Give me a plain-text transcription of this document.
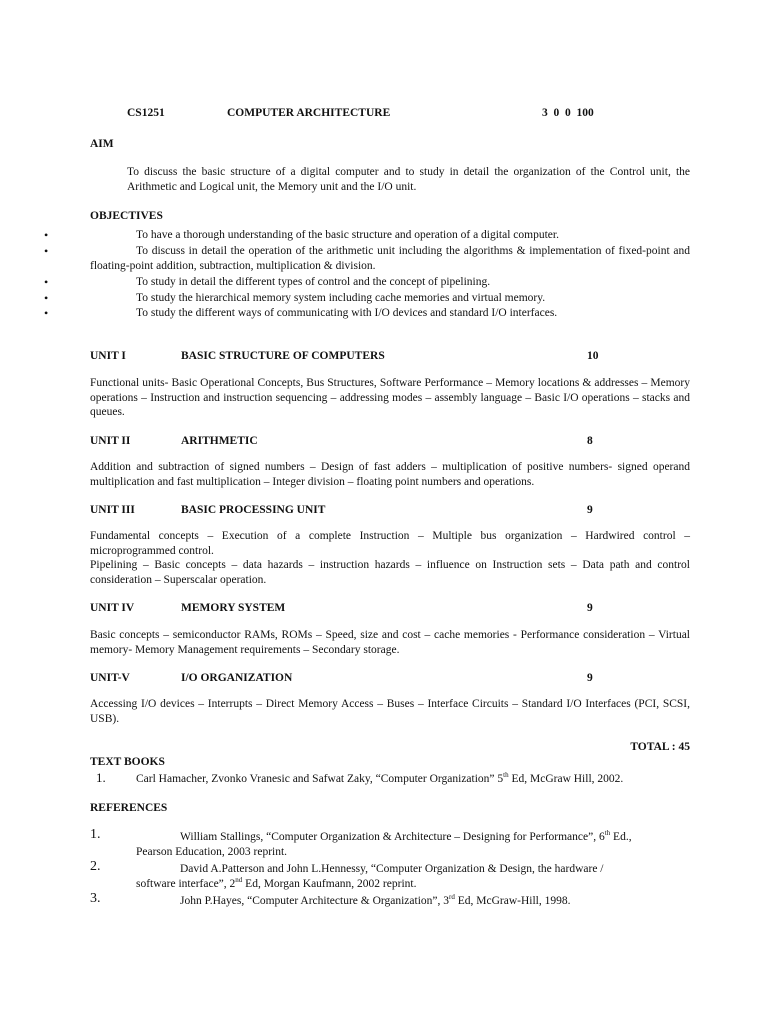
CS1251	COMPUTER ARCHITECTURE	3  0  0  100
AIM

To discuss the basic structure of a digital computer and to study in detail the organization of the Control unit, the Arithmetic and Logical unit, the Memory unit and the I/O unit.

OBJECTIVES
•	To have a thorough understanding of the basic structure and operation of a digital computer.

•	To discuss in detail the operation of the arithmetic unit including the algorithms & implementation of fixed-point and floating-point addition, subtraction, multiplication & division.

•	To study in detail the different types of control and the concept of pipelining.

•	To study the hierarchical memory system including cache memories and virtual memory.

•	To study the different ways of communicating with I/O devices and standard I/O interfaces.

UNIT I	BASIC STRUCTURE OF COMPUTERS	10

Functional units- Basic Operational Concepts, Bus Structures, Software Performance – Memory locations & addresses – Memory operations – Instruction and instruction sequencing – addressing modes – assembly language – Basic I/O operations – stacks and queues.

UNIT II	ARITHMETIC	8

Addition and subtraction of signed numbers – Design of fast adders – multiplication of positive numbers- signed operand multiplication and fast multiplication – Integer division – floating point numbers and operations.

UNIT III	BASIC PROCESSING UNIT	9

Fundamental concepts – Execution of a complete Instruction – Multiple bus organization – Hardwired control – microprogrammed control.

Pipelining – Basic concepts – data hazards – instruction hazards – influence on Instruction sets – Data path and control consideration – Superscalar operation.

UNIT IV	MEMORY SYSTEM	9

Basic concepts – semiconductor RAMs, ROMs – Speed, size and cost – cache memories - Performance consideration – Virtual memory- Memory Management requirements – Secondary storage.

UNIT-V	I/O ORGANIZATION	9

Accessing I/O devices – Interrupts – Direct Memory Access – Buses – Interface Circuits – Standard I/O Interfaces (PCI, SCSI, USB).

TOTAL : 45
TEXT BOOKS
1.	Carl Hamacher, Zvonko Vranesic and Safwat Zaky, “Computer Organization” 5th Ed, McGraw Hill, 2002.

REFERENCES
1.	William Stallings, “Computer Organization & Architecture – Designing for Performance”, 6th Ed.,

Pearson Education, 2003 reprint.

2.	David A.Patterson and John L.Hennessy, “Computer Organization & Design, the hardware /

software interface”, 2nd Ed, Morgan Kaufmann, 2002 reprint.

3.	John P.Hayes, “Computer Architecture & Organization”, 3rd Ed, McGraw-Hill, 1998.
